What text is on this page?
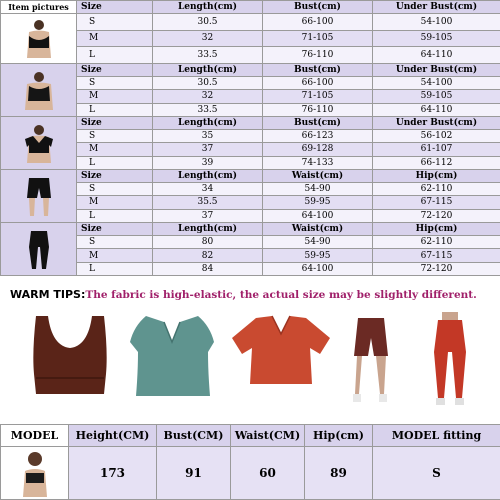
Item pictures	Size	Length(cm)	Bust(cm)	Under Bust(cm)

	S	30.5	66-100	54-100
	M	32	71-105	59-105
	L	33.5	76-110	64-110

	Size	Length(cm)	Bust(cm)	Under Bust(cm)
	S	30.5	66-100	54-100
	M	32	71-105	59-105
	L	33.5	76-110	64-110

	Size	Length(cm)	Bust(cm)	Under Bust(cm)
	S	35	66-123	56-102
	M	37	69-128	61-107
	L	39	74-133	66-112

	Size	Length(cm)	Waist(cm)	Hip(cm)
	S	34	54-90	62-110
	M	35.5	59-95	67-115
	L	37	64-100	72-120

	Size	Length(cm)	Waist(cm)	Hip(cm)
	S	80	54-90	62-110
	M	82	59-95	67-115
	L	84	64-100	72-120
WARM TIPS:The fabric is high-elastic, the actual size may be slightly different.
MODEL	Height(CM)	Bust(CM)	Waist(CM)	Hip(cm)	MODEL fitting

	173	91	60	89	S
